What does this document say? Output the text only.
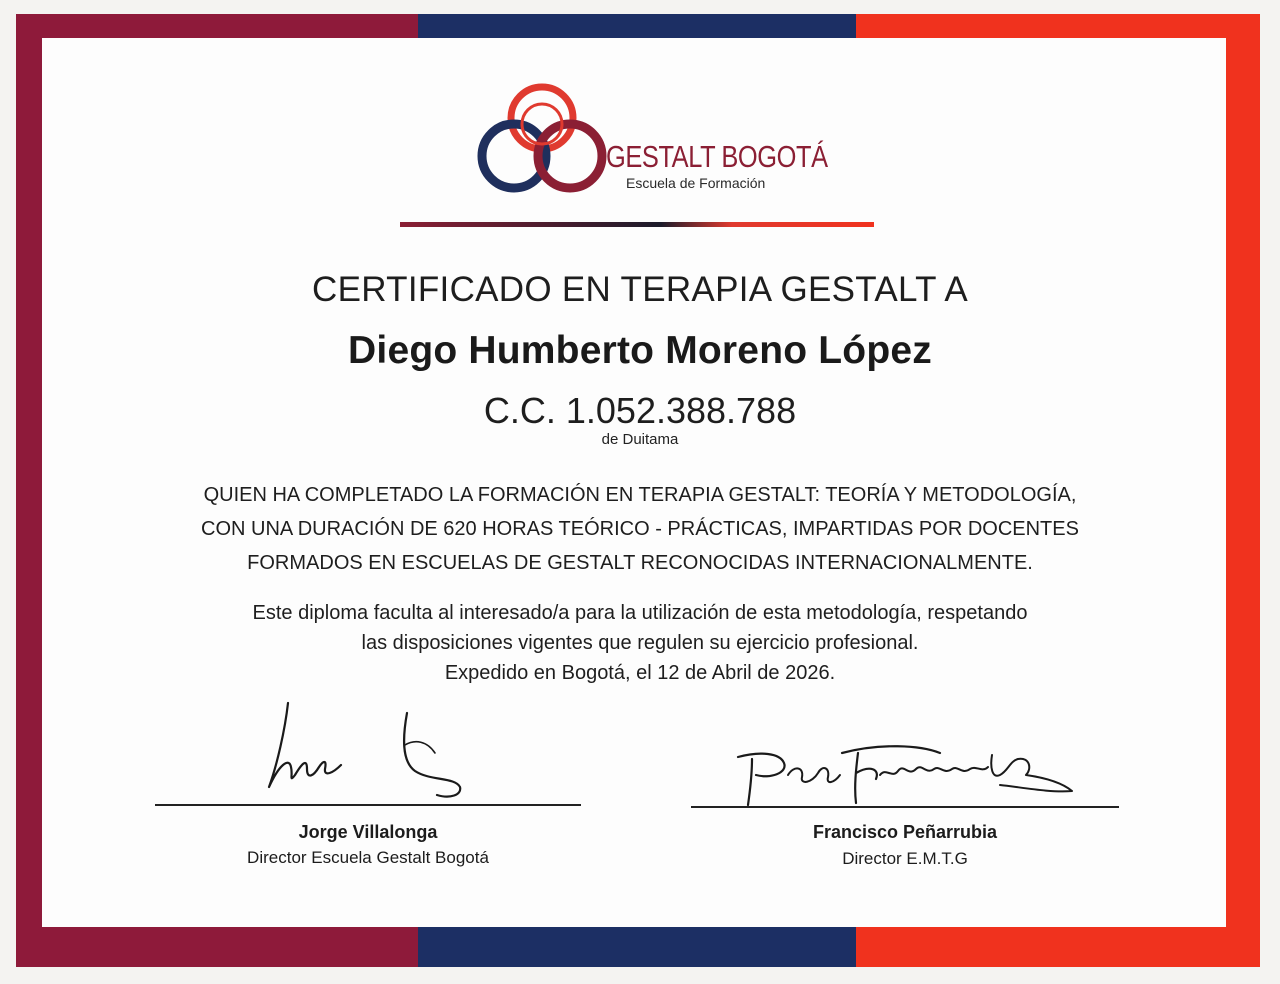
GESTALT BOGOTÁ
Escuela de Formación
CERTIFICADO EN TERAPIA GESTALT A
Diego Humberto Moreno López
C.C. 1.052.388.788
de Duitama
QUIEN HA COMPLETADO LA FORMACIÓN EN TERAPIA GESTALT: TEORÍA Y METODOLOGÍA,
CON UNA DURACIÓN DE 620 HORAS TEÓRICO - PRÁCTICAS, IMPARTIDAS POR DOCENTES
FORMADOS EN ESCUELAS DE GESTALT RECONOCIDAS INTERNACIONALMENTE.
Este diploma faculta al interesado/a para la utilización de esta metodología, respetando
las disposiciones vigentes que regulen su ejercicio profesional.
Expedido en Bogotá, el 12 de Abril de 2026.
Jorge Villalonga
Director Escuela Gestalt Bogotá
Francisco Peñarrubia
Director E.M.T.G
